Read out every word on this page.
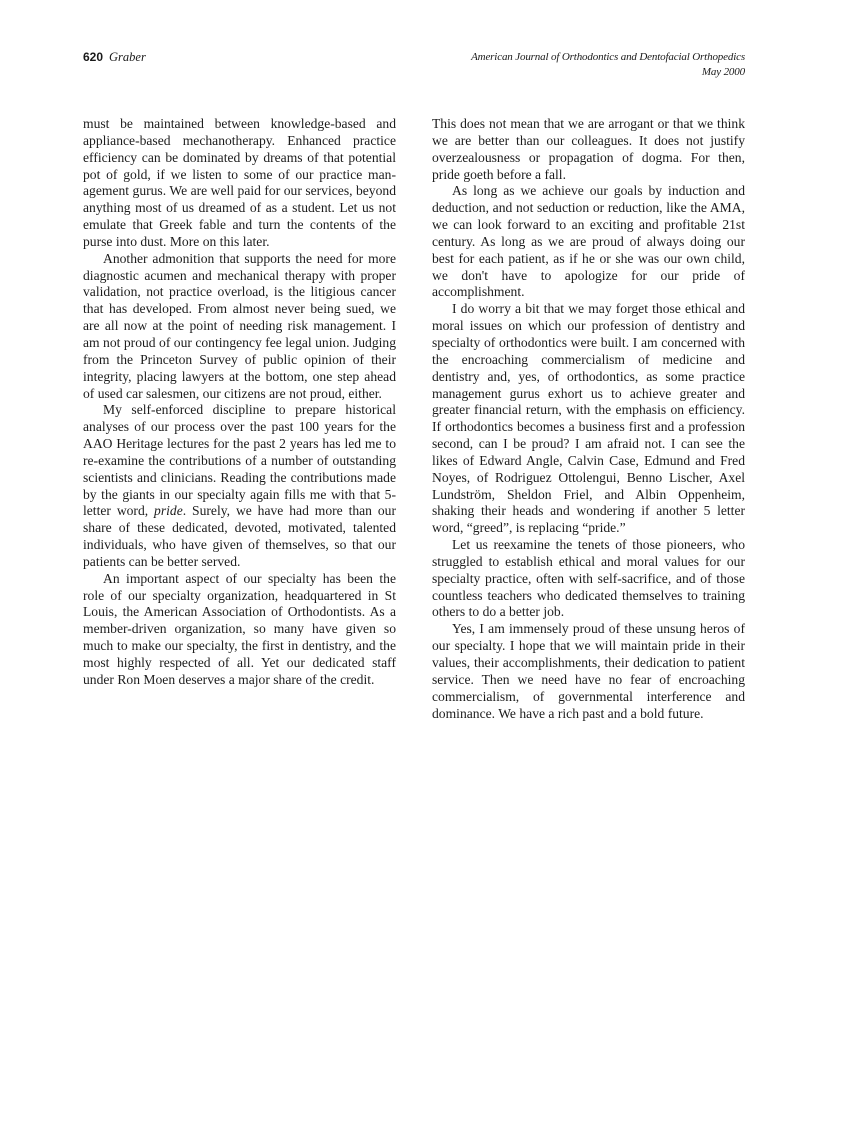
620 Graber	American Journal of Orthodontics and Dentofacial Orthopedics
May 2000

must be maintained between knowledge-based and appliance-based mechanotherapy. Enhanced practice efficiency can be dominated by dreams of that potential pot of gold, if we listen to some of our practice management gurus. We are well paid for our services, beyond anything most of us dreamed of as a student. Let us not emulate that Greek fable and turn the contents of the purse into dust. More on this later.

Another admonition that supports the need for more diagnostic acumen and mechanical therapy with proper validation, not practice overload, is the litigious cancer that has developed. From almost never being sued, we are all now at the point of needing risk management. I am not proud of our contingency fee legal union. Judging from the Princeton Survey of public opinion of their integrity, placing lawyers at the bottom, one step ahead of used car salesmen, our citizens are not proud, either.

My self-enforced discipline to prepare historical analyses of our process over the past 100 years for the AAO Heritage lectures for the past 2 years has led me to re-examine the contributions of a number of outstanding scientists and clinicians. Reading the contributions made by the giants in our specialty again fills me with that 5-letter word, pride. Surely, we have had more than our share of these dedicated, devoted, motivated, talented individuals, who have given of themselves, so that our patients can be better served.

An important aspect of our specialty has been the role of our specialty organization, headquartered in St Louis, the American Association of Orthodontists. As a member-driven organization, so many have given so much to make our specialty, the first in dentistry, and the most highly respected of all. Yet our dedicated staff under Ron Moen deserves a major share of the credit.

This does not mean that we are arrogant or that we think we are better than our colleagues. It does not justify overzealousness or propagation of dogma. For then, pride goeth before a fall.

As long as we achieve our goals by induction and deduction, and not seduction or reduction, like the AMA, we can look forward to an exciting and profitable 21st century. As long as we are proud of always doing our best for each patient, as if he or she was our own child, we don't have to apologize for our pride of accomplishment.

I do worry a bit that we may forget those ethical and moral issues on which our profession of dentistry and specialty of orthodontics were built. I am concerned with the encroaching commercialism of medicine and dentistry and, yes, of orthodontics, as some practice management gurus exhort us to achieve greater and greater financial return, with the emphasis on efficiency. If orthodontics becomes a business first and a profession second, can I be proud? I am afraid not. I can see the likes of Edward Angle, Calvin Case, Edmund and Fred Noyes, of Rodriguez Ottolengui, Benno Lischer, Axel Lundström, Sheldon Friel, and Albin Oppenheim, shaking their heads and wondering if another 5 letter word, “greed”, is replacing “pride.”

Let us reexamine the tenets of those pioneers, who struggled to establish ethical and moral values for our specialty practice, often with self-sacrifice, and of those countless teachers who dedicated themselves to training others to do a better job.

Yes, I am immensely proud of these unsung heros of our specialty. I hope that we will maintain pride in their values, their accomplishments, their dedication to patient service. Then we need have no fear of encroaching commercialism, of governmental interference and dominance. We have a rich past and a bold future.
